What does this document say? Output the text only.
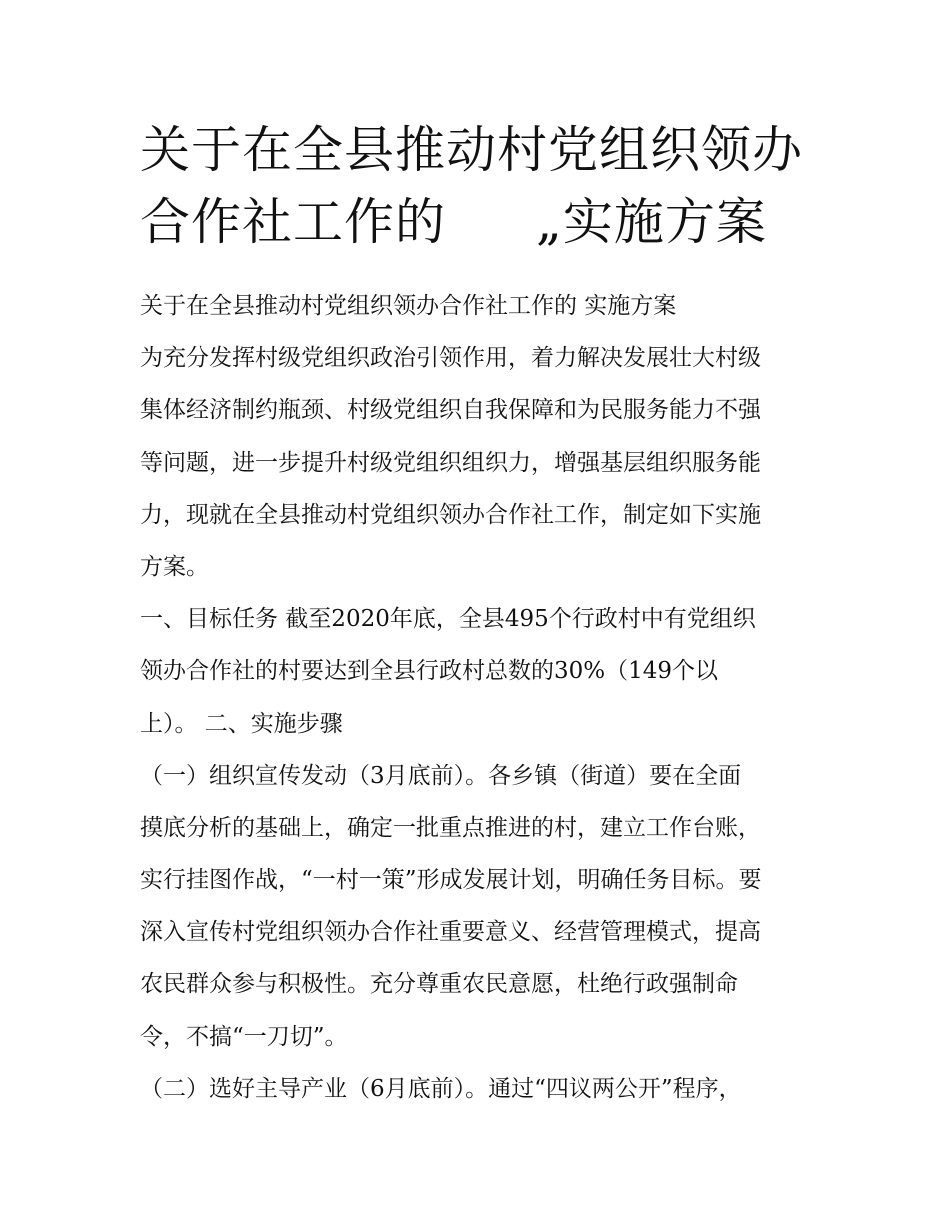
关于在全县推动村党组织领办
合作社工作的 „实施方案
关于在全县推动村党组织领办合作社工作的 实施方案
为充分发挥村级党组织政治引领作用，着力解决发展壮大村级
集体经济制约瓶颈、村级党组织自我保障和为民服务能力不强
等问题，进一步提升村级党组织组织力，增强基层组织服务能
力，现就在全县推动村党组织领办合作社工作，制定如下实施
方案。
一、目标任务 截至2020年底，全县495个行政村中有党组织
领办合作社的村要达到全县行政村总数的30%（149个以
上）。 二、实施步骤
（一）组织宣传发动（3月底前）。各乡镇（街道）要在全面
摸底分析的基础上，确定一批重点推进的村，建立工作台账，
实行挂图作战，“一村一策”形成发展计划，明确任务目标。要
深入宣传村党组织领办合作社重要意义、经营管理模式，提高
农民群众参与积极性。充分尊重农民意愿，杜绝行政强制命
令，不搞“一刀切”。
（二）选好主导产业（6月底前）。通过“四议两公开”程序，
